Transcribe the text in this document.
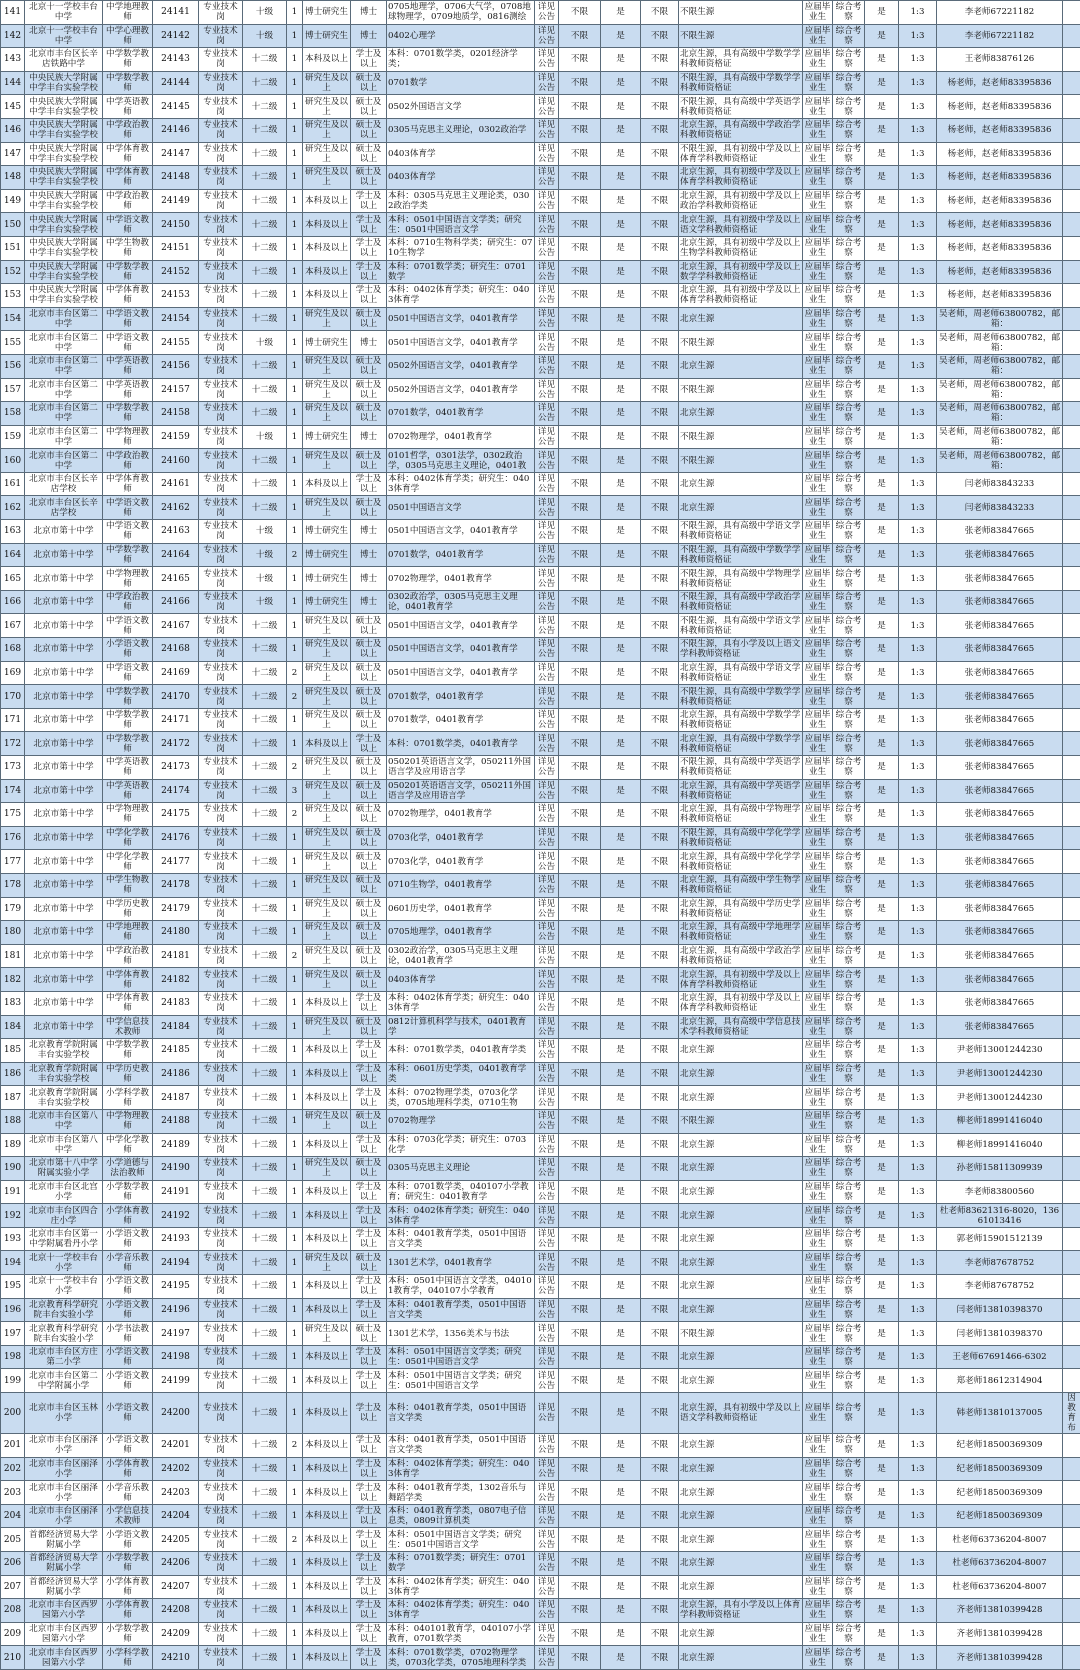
141	北京十一学校丰台中学	中学地理教师	24141	专业技术岗	十级	1	博士研究生	博士	0705地理学，0706大气学，0708地球物理学，0709地质学，0816测绘	详见公告	不限	是	不限	不限生源	应届毕业生	综合考察	是	1:3	李老师67221182	
142	北京十一学校丰台中学	中学心理教师	24142	专业技术岗	十级	1	博士研究生	博士	0402心理学	详见公告	不限	是	不限	不限生源	应届毕业生	综合考察	是	1:3	李老师67221182	
143	北京市丰台区长辛店铁路中学	中学数学教师	24143	专业技术岗	十二级	1	本科及以上	学士及以上	本科：0701数学类，0201经济学类；	详见公告	不限	是	不限	北京生源，具有高级中学数学学科教师资格证	应届毕业生	综合考察	是	1:3	王老师83876126	
144	中央民族大学附属中学丰台实验学校	中学数学教师	24144	专业技术岗	十二级	1	研究生及以上	硕士及以上	0701数学	详见公告	不限	是	不限	不限生源，具有高级中学数学学科教师资格证	应届毕业生	综合考察	是	1:3	杨老师，赵老师83395836	
145	中央民族大学附属中学丰台实验学校	中学英语教师	24145	专业技术岗	十二级	1	研究生及以上	硕士及以上	0502外国语言文学	详见公告	不限	是	不限	不限生源，具有高级中学英语学科教师资格证	应届毕业生	综合考察	是	1:3	杨老师，赵老师83395836	
146	中央民族大学附属中学丰台实验学校	中学政治教师	24146	专业技术岗	十二级	1	研究生及以上	硕士及以上	0305马克思主义理论，0302政治学	详见公告	不限	是	不限	北京生源，具有高级中学政治学科教师资格证	应届毕业生	综合考察	是	1:3	杨老师，赵老师83395836	
147	中央民族大学附属中学丰台实验学校	中学体育教师	24147	专业技术岗	十二级	1	研究生及以上	硕士及以上	0403体育学	详见公告	不限	是	不限	不限生源，具有初级中学及以上体育学科教师资格证	应届毕业生	综合考察	是	1:3	杨老师，赵老师83395836	
148	中央民族大学附属中学丰台实验学校	中学体育教师	24148	专业技术岗	十二级	1	研究生及以上	硕士及以上	0403体育学	详见公告	不限	是	不限	北京生源，具有初级中学及以上体育学科教师资格证	应届毕业生	综合考察	是	1:3	杨老师，赵老师83395836	
149	中央民族大学附属中学丰台实验学校	中学政治教师	24149	专业技术岗	十二级	1	本科及以上	学士及以上	本科：0305马克思主义理论类，0302政治学类	详见公告	不限	是	不限	北京生源，具有初级中学及以上政治学科教师资格证	应届毕业生	综合考察	是	1:3	杨老师，赵老师83395836	
150	中央民族大学附属中学丰台实验学校	中学语文教师	24150	专业技术岗	十二级	1	本科及以上	学士及以上	本科：0501中国语言文学类；研究生：0501中国语言文学	详见公告	不限	是	不限	北京生源，具有初级中学及以上语文学科教师资格证	应届毕业生	综合考察	是	1:3	杨老师，赵老师83395836	
151	中央民族大学附属中学丰台实验学校	中学生物教师	24151	专业技术岗	十二级	1	本科及以上	学士及以上	本科：0710生物科学类；研究生：0710生物学	详见公告	不限	是	不限	北京生源，具有初级中学及以上生物学科教师资格证	应届毕业生	综合考察	是	1:3	杨老师，赵老师83395836	
152	中央民族大学附属中学丰台实验学校	中学数学教师	24152	专业技术岗	十二级	1	本科及以上	学士及以上	本科：0701数学类；研究生：0701数学	详见公告	不限	是	不限	北京生源，具有初级中学及以上数学学科教师资格证	应届毕业生	综合考察	是	1:3	杨老师，赵老师83395836	
153	中央民族大学附属中学丰台实验学校	中学体育教师	24153	专业技术岗	十二级	1	本科及以上	学士及以上	本科：0402体育学类；研究生：0403体育学	详见公告	不限	是	不限	北京生源，具有初级中学及以上体育学科教师资格证	应届毕业生	综合考察	是	1:3	杨老师，赵老师83395836	
154	北京市丰台区第二中学	中学语文教师	24154	专业技术岗	十二级	1	研究生及以上	硕士及以上	0501中国语言文学，0401教育学	详见公告	不限	是	不限	北京生源	应届毕业生	综合考察	是	1:3	吴老师，周老师63800782，邮箱：	
155	北京市丰台区第二中学	中学语文教师	24155	专业技术岗	十级	1	博士研究生	博士	0501中国语言文学，0401教育学	详见公告	不限	是	不限	不限生源	应届毕业生	综合考察	是	1:3	吴老师，周老师63800782，邮箱：	
156	北京市丰台区第二中学	中学英语教师	24156	专业技术岗	十二级	1	研究生及以上	硕士及以上	0502外国语言文学，0401教育学	详见公告	不限	是	不限	北京生源	应届毕业生	综合考察	是	1:3	吴老师，周老师63800782，邮箱：	
157	北京市丰台区第二中学	中学英语教师	24157	专业技术岗	十二级	1	研究生及以上	硕士及以上	0502外国语言文学，0401教育学	详见公告	不限	是	不限	不限生源	应届毕业生	综合考察	是	1:3	吴老师，周老师63800782，邮箱：	
158	北京市丰台区第二中学	中学数学教师	24158	专业技术岗	十二级	1	研究生及以上	硕士及以上	0701数学，0401教育学	详见公告	不限	是	不限	北京生源	应届毕业生	综合考察	是	1:3	吴老师，周老师63800782，邮箱：	
159	北京市丰台区第二中学	中学物理教师	24159	专业技术岗	十级	1	博士研究生	博士	0702物理学，0401教育学	详见公告	不限	是	不限	不限生源	应届毕业生	综合考察	是	1:3	吴老师，周老师63800782，邮箱：	
160	北京市丰台区第二中学	中学政治教师	24160	专业技术岗	十二级	1	研究生及以上	硕士及以上	0101哲学，0301法学，0302政治学，0305马克思主义理论，0401教	详见公告	不限	是	不限	不限生源	应届毕业生	综合考察	是	1:3	吴老师，周老师63800782，邮箱：	
161	北京市丰台区长辛店学校	中学体育教师	24161	专业技术岗	十二级	1	本科及以上	学士及以上	本科：0402体育学类；研究生：0403体育学	详见公告	不限	是	不限	北京生源	应届毕业生	综合考察	是	1:3	闫老师83843233	
162	北京市丰台区长辛店学校	中学语文教师	24162	专业技术岗	十二级	1	研究生及以上	硕士及以上	0501中国语言文学	详见公告	不限	是	不限	北京生源	应届毕业生	综合考察	是	1:3	闫老师83843233	
163	北京市第十中学	中学语文教师	24163	专业技术岗	十级	1	博士研究生	博士	0501中国语言文学，0401教育学	详见公告	不限	是	不限	不限生源，具有高级中学语文学科教师资格证	应届毕业生	综合考察	是	1:3	张老师83847665	
164	北京市第十中学	中学数学教师	24164	专业技术岗	十级	2	博士研究生	博士	0701数学，0401教育学	详见公告	不限	是	不限	不限生源，具有高级中学数学学科教师资格证	应届毕业生	综合考察	是	1:3	张老师83847665	
165	北京市第十中学	中学物理教师	24165	专业技术岗	十级	1	博士研究生	博士	0702物理学，0401教育学	详见公告	不限	是	不限	不限生源，具有高级中学物理学科教师资格证	应届毕业生	综合考察	是	1:3	张老师83847665	
166	北京市第十中学	中学政治教师	24166	专业技术岗	十级	1	博士研究生	博士	0302政治学，0305马克思主义理论，0401教育学	详见公告	不限	是	不限	不限生源，具有高级中学政治学科教师资格证	应届毕业生	综合考察	是	1:3	张老师83847665	
167	北京市第十中学	中学语文教师	24167	专业技术岗	十二级	1	研究生及以上	硕士及以上	0501中国语言文学，0401教育学	详见公告	不限	是	不限	不限生源，具有高级中学语文学科教师资格证	应届毕业生	综合考察	是	1:3	张老师83847665	
168	北京市第十中学	小学语文教师	24168	专业技术岗	十二级	1	研究生及以上	硕士及以上	0501中国语言文学，0401教育学	详见公告	不限	是	不限	不限生源，具有小学及以上语文学科教师资格证	应届毕业生	综合考察	是	1:3	张老师83847665	
169	北京市第十中学	中学语文教师	24169	专业技术岗	十二级	2	研究生及以上	硕士及以上	0501中国语言文学，0401教育学	详见公告	不限	是	不限	北京生源，具有高级中学语文学科教师资格证	应届毕业生	综合考察	是	1:3	张老师83847665	
170	北京市第十中学	中学数学教师	24170	专业技术岗	十二级	2	研究生及以上	硕士及以上	0701数学，0401教育学	详见公告	不限	是	不限	不限生源，具有高级中学数学学科教师资格证	应届毕业生	综合考察	是	1:3	张老师83847665	
171	北京市第十中学	中学数学教师	24171	专业技术岗	十二级	1	研究生及以上	硕士及以上	0701数学，0401教育学	详见公告	不限	是	不限	北京生源，具有高级中学数学学科教师资格证	应届毕业生	综合考察	是	1:3	张老师83847665	
172	北京市第十中学	中学数学教师	24172	专业技术岗	十二级	1	本科及以上	学士及以上	本科：0701数学类，0401教育学	详见公告	不限	是	不限	北京生源，具有高级中学数学学科教师资格证	应届毕业生	综合考察	是	1:3	张老师83847665	
173	北京市第十中学	中学英语教师	24173	专业技术岗	十二级	2	研究生及以上	硕士及以上	050201英语语言文学，050211外国语言学及应用语言学	详见公告	不限	是	不限	不限生源，具有高级中学英语学科教师资格证	应届毕业生	综合考察	是	1:3	张老师83847665	
174	北京市第十中学	中学英语教师	24174	专业技术岗	十二级	3	研究生及以上	硕士及以上	050201英语语言文学，050211外国语言学及应用语言学	详见公告	不限	是	不限	北京生源，具有高级中学英语学科教师资格证	应届毕业生	综合考察	是	1:3	张老师83847665	
175	北京市第十中学	中学物理教师	24175	专业技术岗	十二级	2	研究生及以上	硕士及以上	0702物理学，0401教育学	详见公告	不限	是	不限	北京生源，具有高级中学物理学科教师资格证	应届毕业生	综合考察	是	1:3	张老师83847665	
176	北京市第十中学	中学化学教师	24176	专业技术岗	十二级	1	研究生及以上	硕士及以上	0703化学，0401教育学	详见公告	不限	是	不限	不限生源，具有高级中学化学学科教师资格证	应届毕业生	综合考察	是	1:3	张老师83847665	
177	北京市第十中学	中学化学教师	24177	专业技术岗	十二级	1	研究生及以上	硕士及以上	0703化学，0401教育学	详见公告	不限	是	不限	北京生源，具有高级中学化学学科教师资格证	应届毕业生	综合考察	是	1:3	张老师83847665	
178	北京市第十中学	中学生物教师	24178	专业技术岗	十二级	1	研究生及以上	硕士及以上	0710生物学，0401教育学	详见公告	不限	是	不限	北京生源，具有高级中学生物学科教师资格证	应届毕业生	综合考察	是	1:3	张老师83847665	
179	北京市第十中学	中学历史教师	24179	专业技术岗	十二级	1	研究生及以上	硕士及以上	0601历史学，0401教育学	详见公告	不限	是	不限	北京生源，具有高级中学历史学科教师资格证	应届毕业生	综合考察	是	1:3	张老师83847665	
180	北京市第十中学	中学地理教师	24180	专业技术岗	十二级	1	研究生及以上	硕士及以上	0705地理学，0401教育学	详见公告	不限	是	不限	北京生源，具有高级中学地理学科教师资格证	应届毕业生	综合考察	是	1:3	张老师83847665	
181	北京市第十中学	中学政治教师	24181	专业技术岗	十二级	2	研究生及以上	硕士及以上	0302政治学，0305马克思主义理论，0401教育学	详见公告	不限	是	不限	北京生源，具有高级中学政治学科教师资格证	应届毕业生	综合考察	是	1:3	张老师83847665	
182	北京市第十中学	中学体育教师	24182	专业技术岗	十二级	1	研究生及以上	硕士及以上	0403体育学	详见公告	不限	是	不限	北京生源，具有初级中学及以上体育学科教师资格证	应届毕业生	综合考察	是	1:3	张老师83847665	
183	北京市第十中学	中学体育教师	24183	专业技术岗	十二级	1	本科及以上	学士及以上	本科：0402体育学类；研究生：0403体育学	详见公告	不限	是	不限	北京生源，具有初级中学及以上体育学科教师资格证	应届毕业生	综合考察	是	1:3	张老师83847665	
184	北京市第十中学	中学信息技术教师	24184	专业技术岗	十二级	1	研究生及以上	硕士及以上	0812计算机科学与技术，0401教育学	详见公告	不限	是	不限	北京生源，具有高级中学信息技术学科教师资格证	应届毕业生	综合考察	是	1:3	张老师83847665	
185	北京教育学院附属丰台实验学校	中学数学教师	24185	专业技术岗	十二级	1	本科及以上	学士及以上	本科：0701数学类，0401教育学类	详见公告	不限	是	不限	北京生源	应届毕业生	综合考察	是	1:3	尹老师13001244230	
186	北京教育学院附属丰台实验学校	中学历史教师	24186	专业技术岗	十二级	1	本科及以上	学士及以上	本科：0601历史学类，0401教育学类	详见公告	不限	是	不限	北京生源	应届毕业生	综合考察	是	1:3	尹老师13001244230	
187	北京教育学院附属丰台实验学校	小学科学教师	24187	专业技术岗	十二级	1	本科及以上	学士及以上	本科：0702物理学类，0703化学类，0705地理科学类，0710生物	详见公告	不限	是	不限	北京生源	应届毕业生	综合考察	是	1:3	尹老师13001244230	
188	北京市丰台区第八中学	中学物理教师	24188	专业技术岗	十二级	1	研究生及以上	硕士及以上	0702物理学	详见公告	不限	是	不限	不限生源	应届毕业生	综合考察	是	1:3	柳老师18991416040	
189	北京市丰台区第八中学	中学化学教师	24189	专业技术岗	十二级	1	本科及以上	学士及以上	本科：0703化学类；研究生：0703化学	详见公告	不限	是	不限	北京生源	应届毕业生	综合考察	是	1:3	柳老师18991416040	
190	北京市第十八中学附属实验小学	小学道德与法治教师	24190	专业技术岗	十二级	1	研究生及以上	硕士及以上	0305马克思主义理论	详见公告	不限	是	不限	北京生源	应届毕业生	综合考察	是	1:3	孙老师15811309939	
191	北京市丰台区北宫小学	小学数学教师	24191	专业技术岗	十二级	1	本科及以上	学士及以上	本科：0701数学类，040107小学教育；研究生：0401教育学	详见公告	不限	是	不限	北京生源	应届毕业生	综合考察	是	1:3	李老师83800560	
192	北京市丰台区四合庄小学	小学体育教师	24192	专业技术岗	十二级	1	本科及以上	学士及以上	本科：0402体育学类；研究生：0403体育学	详见公告	不限	是	不限	北京生源	应届毕业生	综合考察	是	1:3	杜老师83621316-8020，13661013416	
193	北京市丰台区第一中学附属看丹小学	小学语文教师	24193	专业技术岗	十二级	1	本科及以上	学士及以上	本科：0401教育学类，0501中国语言文学类	详见公告	不限	是	不限	北京生源	应届毕业生	综合考察	是	1:3	郭老师15901512139	
194	北京十一学校丰台小学	小学音乐教师	24194	专业技术岗	十二级	1	研究生及以上	硕士及以上	1301艺术学，0401教育学	详见公告	不限	是	不限	北京生源	应届毕业生	综合考察	是	1:3	李老师87678752	
195	北京十一学校丰台小学	小学语文教师	24195	专业技术岗	十二级	1	本科及以上	学士及以上	本科：0501中国语言文学类，040101教育学，040107小学教育	详见公告	不限	是	不限	北京生源	应届毕业生	综合考察	是	1:3	李老师87678752	
196	北京教育科学研究院丰台实验小学	小学语文教师	24196	专业技术岗	十二级	1	本科及以上	学士及以上	本科：0401教育学类，0501中国语言文学类	详见公告	不限	是	不限	北京生源	应届毕业生	综合考察	是	1:3	闫老师13810398370	
197	北京教育科学研究院丰台实验小学	小学书法教师	24197	专业技术岗	十二级	1	研究生及以上	硕士及以上	1301艺术学，1356美术与书法	详见公告	不限	是	不限	不限生源	应届毕业生	综合考察	是	1:3	闫老师13810398370	
198	北京市丰台区方庄第二小学	小学语文教师	24198	专业技术岗	十二级	1	本科及以上	学士及以上	本科：0501中国语言文学类；研究生：0501中国语言文学	详见公告	不限	是	不限	北京生源	应届毕业生	综合考察	是	1:3	王老师67691466-6302	
199	北京市丰台区第二中学附属小学	小学语文教师	24199	专业技术岗	十二级	1	本科及以上	学士及以上	本科：0501中国语言文学类；研究生：0501中国语言文学	详见公告	不限	是	不限	北京生源	应届毕业生	综合考察	是	1:3	郑老师18612314904	
200	北京市丰台区玉林小学	小学语文教师	24200	专业技术岗	十二级	1	本科及以上	学士及以上	本科：0401教育学类，0501中国语言文学类	详见公告	不限	是	不限	北京生源，具有初级中学及以上语文学科教师资格证	应届毕业生	综合考察	是	1:3	韩老师13810137005	因教育布
201	北京市丰台区丽泽小学	小学语文教师	24201	专业技术岗	十二级	2	本科及以上	学士及以上	本科：0401教育学类，0501中国语言文学类	详见公告	不限	是	不限	北京生源	应届毕业生	综合考察	是	1:3	纪老师18500369309	
202	北京市丰台区丽泽小学	小学体育教师	24202	专业技术岗	十二级	1	本科及以上	学士及以上	本科：0402体育学类；研究生：0403体育学	详见公告	不限	是	不限	北京生源	应届毕业生	综合考察	是	1:3	纪老师18500369309	
203	北京市丰台区丽泽小学	小学音乐教师	24203	专业技术岗	十二级	1	本科及以上	学士及以上	本科：0401教育学类，1302音乐与舞蹈学类	详见公告	不限	是	不限	北京生源	应届毕业生	综合考察	是	1:3	纪老师18500369309	
204	北京市丰台区丽泽小学	小学信息技术教师	24204	专业技术岗	十二级	1	本科及以上	学士及以上	本科：0401教育学类，0807电子信息类，0809计算机类	详见公告	不限	是	不限	北京生源	应届毕业生	综合考察	是	1:3	纪老师18500369309	
205	首都经济贸易大学附属小学	小学语文教师	24205	专业技术岗	十二级	2	本科及以上	学士及以上	本科：0501中国语言文学类；研究生：0501中国语言文学	详见公告	不限	是	不限	北京生源	应届毕业生	综合考察	是	1:3	杜老师63736204-8007	
206	首都经济贸易大学附属小学	小学数学教师	24206	专业技术岗	十二级	1	本科及以上	学士及以上	本科：0701数学类；研究生：0701数学	详见公告	不限	是	不限	北京生源	应届毕业生	综合考察	是	1:3	杜老师63736204-8007	
207	首都经济贸易大学附属小学	小学体育教师	24207	专业技术岗	十二级	1	本科及以上	学士及以上	本科：0402体育学类；研究生：0403体育学	详见公告	不限	是	不限	北京生源	应届毕业生	综合考察	是	1:3	杜老师63736204-8007	
208	北京市丰台区西罗园第六小学	小学体育教师	24208	专业技术岗	十二级	1	本科及以上	学士及以上	本科：0402体育学类；研究生：0403体育学	详见公告	不限	是	不限	北京生源，具有小学及以上体育学科教师资格证	应届毕业生	综合考察	是	1:3	齐老师13810399428	
209	北京市丰台区西罗园第六小学	小学数学教师	24209	专业技术岗	十二级	1	本科及以上	学士及以上	本科：040101教育学，040107小学教育，0701数学类	详见公告	不限	是	不限	北京生源	应届毕业生	综合考察	是	1:3	齐老师13810399428	
210	北京市丰台区西罗园第六小学	小学科学教师	24210	专业技术岗	十二级	1	本科及以上	学士及以上	本科：0701数学类，0702物理学类，0703化学类，0705地理科学类	详见公告	不限	是	不限	北京生源	应届毕业生	综合考察	是	1:3	齐老师13810399428	
